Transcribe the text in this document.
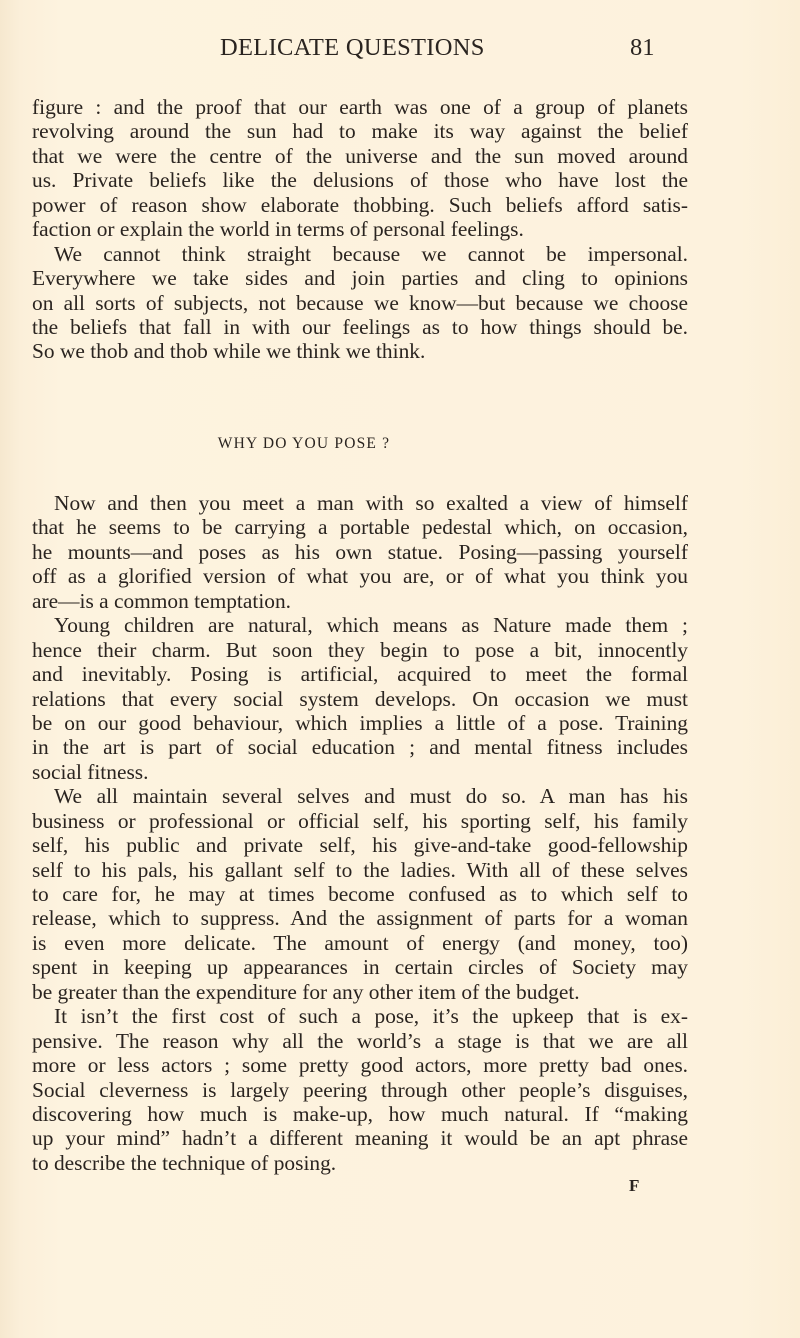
DELICATE QUESTIONS	81
figure : and the proof that our earth was one of a group of planets
revolving around the sun had to make its way against the belief
that we were the centre of the universe and the sun moved around
us. Private beliefs like the delusions of those who have lost the
power of reason show elaborate thobbing. Such beliefs afford satis-
faction or explain the world in terms of personal feelings.
We cannot think straight because we cannot be impersonal.
Everywhere we take sides and join parties and cling to opinions
on all sorts of subjects, not because we know—but because we choose
the beliefs that fall in with our feelings as to how things should be.
So we thob and thob while we think we think.
WHY DO YOU POSE ?
Now and then you meet a man with so exalted a view of himself
that he seems to be carrying a portable pedestal which, on occasion,
he mounts—and poses as his own statue. Posing—passing yourself
off as a glorified version of what you are, or of what you think you
are—is a common temptation.
Young children are natural, which means as Nature made them ;
hence their charm. But soon they begin to pose a bit, innocently
and inevitably. Posing is artificial, acquired to meet the formal
relations that every social system develops. On occasion we must
be on our good behaviour, which implies a little of a pose. Training
in the art is part of social education ; and mental fitness includes
social fitness.
We all maintain several selves and must do so. A man has his
business or professional or official self, his sporting self, his family
self, his public and private self, his give-and-take good-fellowship
self to his pals, his gallant self to the ladies. With all of these selves
to care for, he may at times become confused as to which self to
release, which to suppress. And the assignment of parts for a woman
is even more delicate. The amount of energy (and money, too)
spent in keeping up appearances in certain circles of Society may
be greater than the expenditure for any other item of the budget.
It isn’t the first cost of such a pose, it’s the upkeep that is ex-
pensive. The reason why all the world’s a stage is that we are all
more or less actors ; some pretty good actors, more pretty bad ones.
Social cleverness is largely peering through other people’s disguises,
discovering how much is make-up, how much natural. If “making
up your mind” hadn’t a different meaning it would be an apt phrase
to describe the technique of posing.
F
